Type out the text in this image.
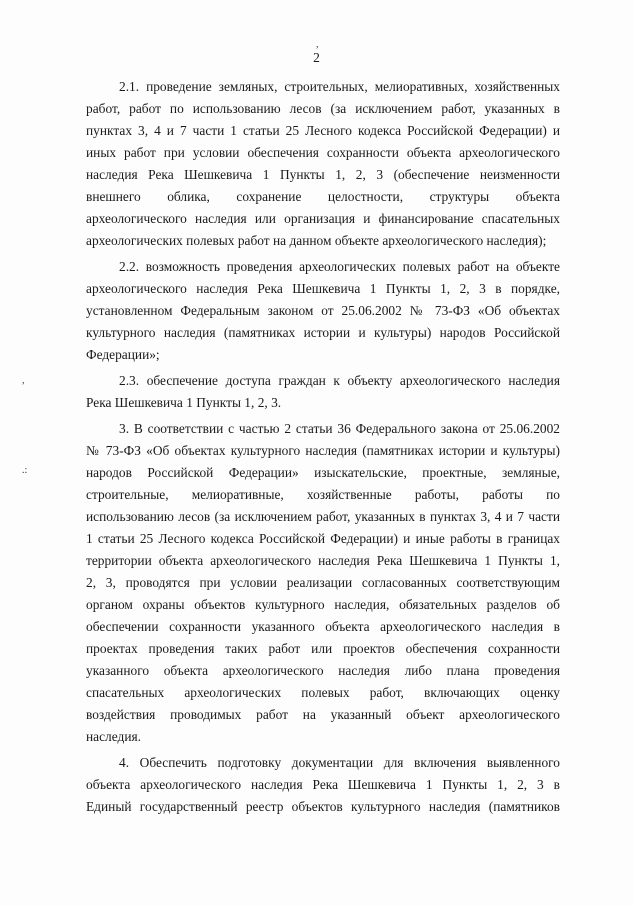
2
2.1. проведение земляных, строительных, мелиоративных, хозяйственных
работ, работ по использованию лесов (за исключением работ, указанных в
пунктах 3, 4 и 7 части 1 статьи 25 Лесного кодекса Российской Федерации) и
иных работ при условии обеспечения сохранности объекта археологического
наследия Река Шешкевича 1 Пункты 1, 2, 3 (обеспечение неизменности
внешнего облика, сохранение целостности, структуры объекта
археологического наследия или организация и финансирование спасательных
археологических полевых работ на данном объекте археологического наследия);
2.2. возможность проведения археологических полевых работ на объекте
археологического наследия Река Шешкевича 1 Пункты 1, 2, 3 в порядке,
установленном Федеральным законом от 25.06.2002 № 73-ФЗ «Об объектах
культурного наследия (памятниках истории и культуры) народов Российской
Федерации»;
2.3. обеспечение доступа граждан к объекту археологического наследия
Река Шешкевича 1 Пункты 1, 2, 3.
3. В соответствии с частью 2 статьи 36 Федерального закона от 25.06.2002
№ 73-ФЗ «Об объектах культурного наследия (памятниках истории и культуры)
народов Российской Федерации» изыскательские, проектные, земляные,
строительные, мелиоративные, хозяйственные работы, работы по
использованию лесов (за исключением работ, указанных в пунктах 3, 4 и 7 части
1 статьи 25 Лесного кодекса Российской Федерации) и иные работы в границах
территории объекта археологического наследия Река Шешкевича 1 Пункты 1,
2, 3, проводятся при условии реализации согласованных соответствующим
органом охраны объектов культурного наследия, обязательных разделов об
обеспечении сохранности указанного объекта археологического наследия в
проектах проведения таких работ или проектов обеспечения сохранности
указанного объекта археологического наследия либо плана проведения
спасательных археологических полевых работ, включающих оценку
воздействия проводимых работ на указанный объект археологического
наследия.
4. Обеспечить подготовку документации для включения выявленного
объекта археологического наследия Река Шешкевича 1 Пункты 1, 2, 3 в
Единый государственный реестр объектов культурного наследия (памятников
,
,
.:
